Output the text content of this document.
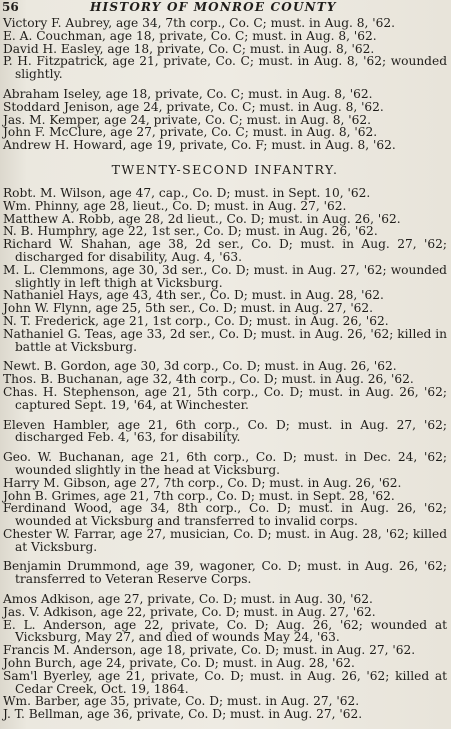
56	HISTORY OF MONROE COUNTY
Victory F. Aubrey, age 34, 7th corp., Co. C; must. in Aug. 8, '62.
E. A. Couchman, age 18, private, Co. C; must. in Aug. 8, '62.
David H. Easley, age 18, private, Co. C; must. in Aug. 8, '62.
P. H. Fitzpatrick, age 21, private, Co. C; must. in Aug. 8, '62; wounded slightly.
Abraham Iseley, age 18, private, Co. C; must. in Aug. 8, '62.
Stoddard Jenison, age 24, private, Co. C; must. in Aug. 8, '62.
Jas. M. Kemper, age 24, private, Co. C; must. in Aug. 8, '62.
John F. McClure, age 27, private, Co. C; must. in Aug. 8, '62.
Andrew H. Howard, age 19, private, Co. F; must. in Aug. 8, '62.
TWENTY-SECOND INFANTRY.
Robt. M. Wilson, age 47, cap., Co. D; must. in Sept. 10, '62.
Wm. Phinny, age 28, lieut., Co. D; must. in Aug. 27, '62.
Matthew A. Robb, age 28, 2d lieut., Co. D; must. in Aug. 26, '62.
N. B. Humphry, age 22, 1st ser., Co. D; must. in Aug. 26, '62.
Richard W. Shahan, age 38, 2d ser., Co. D; must. in Aug. 27, '62; discharged for disability, Aug. 4, '63.
M. L. Clemmons, age 30, 3d ser., Co. D; must. in Aug. 27, '62; wounded slightly in left thigh at Vicksburg.
Nathaniel Hays, age 43, 4th ser., Co. D; must. in Aug. 28, '62.
John W. Flynn, age 25, 5th ser., Co. D; must. in Aug. 27, '62.
N. T. Frederick, age 21, 1st corp., Co. D; must. in Aug. 26, '62.
Nathaniel G. Teas, age 33, 2d ser., Co. D; must. in Aug. 26, '62; killed in battle at Vicksburg.
Newt. B. Gordon, age 30, 3d corp., Co. D; must. in Aug. 26, '62.
Thos. B. Buchanan, age 32, 4th corp., Co. D; must. in Aug. 26, '62.
Chas. H. Stephenson, age 21, 5th corp., Co. D; must. in Aug. 26, '62; captured Sept. 19, '64, at Winchester.
Eleven Hambler, age 21, 6th corp., Co. D; must. in Aug. 27, '62; discharged Feb. 4, '63, for disability.
Geo. W. Buchanan, age 21, 6th corp., Co. D; must. in Dec. 24, '62; wounded slightly in the head at Vicksburg.
Harry M. Gibson, age 27, 7th corp., Co. D; must. in Aug. 26, '62.
John B. Grimes, age 21, 7th corp., Co. D; must. in Sept. 28, '62.
Ferdinand Wood, age 34, 8th corp., Co. D; must. in Aug. 26, '62; wounded at Vicksburg and transferred to invalid corps.
Chester W. Farrar, age 27, musician, Co. D; must. in Aug. 28, '62; killed at Vicksburg.
Benjamin Drummond, age 39, wagoner, Co. D; must. in Aug. 26, '62; transferred to Veteran Reserve Corps.
Amos Adkison, age 27, private, Co. D; must. in Aug. 30, '62.
Jas. V. Adkison, age 22, private, Co. D; must. in Aug. 27, '62.
E. L. Anderson, age 22, private, Co. D; Aug. 26, '62; wounded at Vicksburg, May 27, and died of wounds May 24, '63.
Francis M. Anderson, age 18, private, Co. D; must. in Aug. 27, '62.
John Burch, age 24, private, Co. D; must. in Aug. 28, '62.
Sam'l Byerley, age 21, private, Co. D; must. in Aug. 26, '62; killed at Cedar Creek, Oct. 19, 1864.
Wm. Barber, age 35, private, Co. D; must. in Aug. 27, '62.
J. T. Bellman, age 36, private, Co. D; must. in Aug. 27, '62.
